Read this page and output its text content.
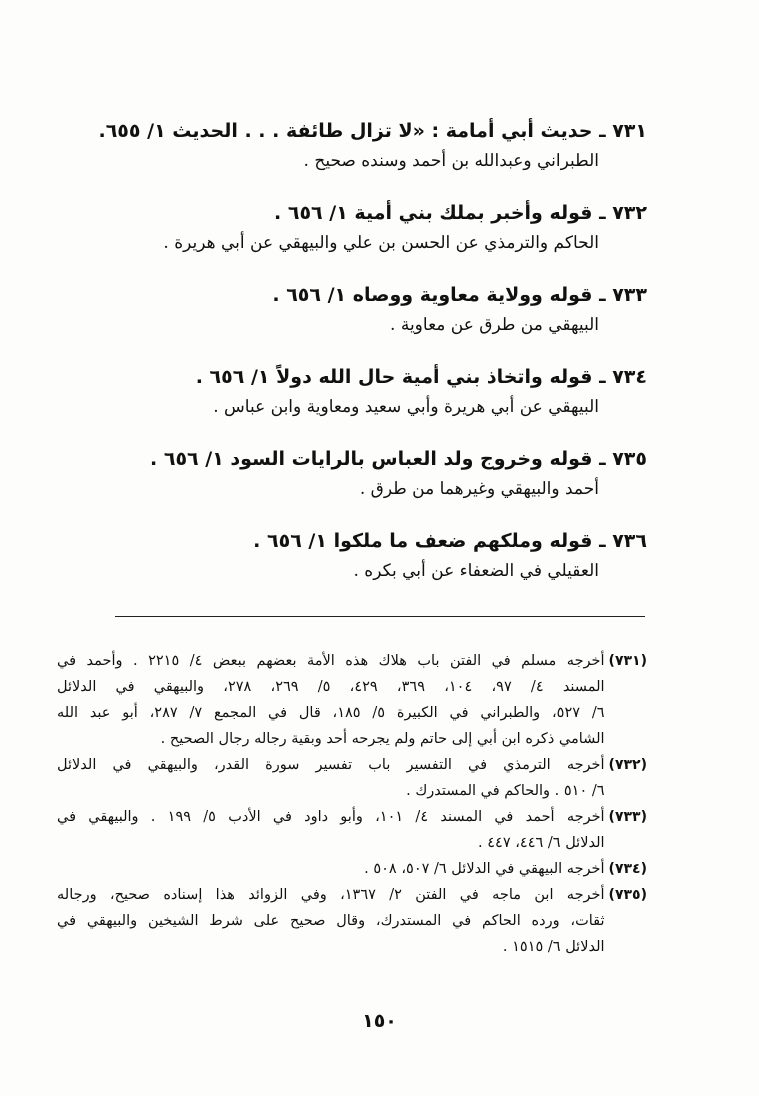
٧٣١ ـ حديث أبي أمامة : «لا تزال طائفة . . . الحديث ١/ ٦٥٥.
الطبراني وعبدالله بن أحمد وسنده صحيح .
٧٣٢ ـ قوله وأخبر بملك بني أمية ١/ ٦٥٦ .
الحاكم والترمذي عن الحسن بن علي والبيهقي عن أبي هريرة .
٧٣٣ ـ قوله وولاية معاوية ووصاه ١/ ٦٥٦ .
البيهقي من طرق عن معاوية .
٧٣٤ ـ قوله واتخاذ بني أمية حال الله دولاً ١/ ٦٥٦ .
البيهقي عن أبي هريرة وأبي سعيد ومعاوية وابن عباس .
٧٣٥ ـ قوله وخروج ولد العباس بالرايات السود ١/ ٦٥٦ .
أحمد والبيهقي وغيرهما من طرق .
٧٣٦ ـ قوله وملكهم ضعف ما ملكوا ١/ ٦٥٦ .
العقيلي في الضعفاء عن أبي بكره .
(٧٣١)
أخرجه مسلم في الفتن باب هلاك هذه الأمة بعضهم ببعض ٤/ ٢٢١٥ . وأحمد في
المسند ٤/ ٩٧، ١٠٤، ٣٦٩، ٤٢٩، ٥/ ٢٦٩، ٢٧٨، والبيهقي في الدلائل
٦/ ٥٢٧، والطبراني في الكبيرة ٥/ ١٨٥، قال في المجمع ٧/ ٢٨٧، أبو عبد الله
الشامي ذكره ابن أبي إلى حاتم ولم يجرحه أحد وبقية رجاله رجال الصحيح .
(٧٣٢)
أخرجه الترمذي في التفسير باب تفسير سورة القدر، والبيهقي في الدلائل
٦/ ٥١٠ . والحاكم في المستدرك .
(٧٣٣)
أخرجه أحمد في المسند ٤/ ١٠١، وأبو داود في الأدب ٥/ ١٩٩ . والبيهقي في
الدلائل ٦/ ٤٤٦، ٤٤٧ .
(٧٣٤)
أخرجه البيهقي في الدلائل ٦/ ٥٠٧، ٥٠٨ .
(٧٣٥)
أخرجه ابن ماجه في الفتن ٢/ ١٣٦٧، وفي الزوائد هذا إسناده صحيح، ورجاله
ثقات، ورده الحاكم في المستدرك، وقال صحيح على شرط الشيخين والبيهقي في
الدلائل ٦/ ١٥١٥ .
١٥٠
